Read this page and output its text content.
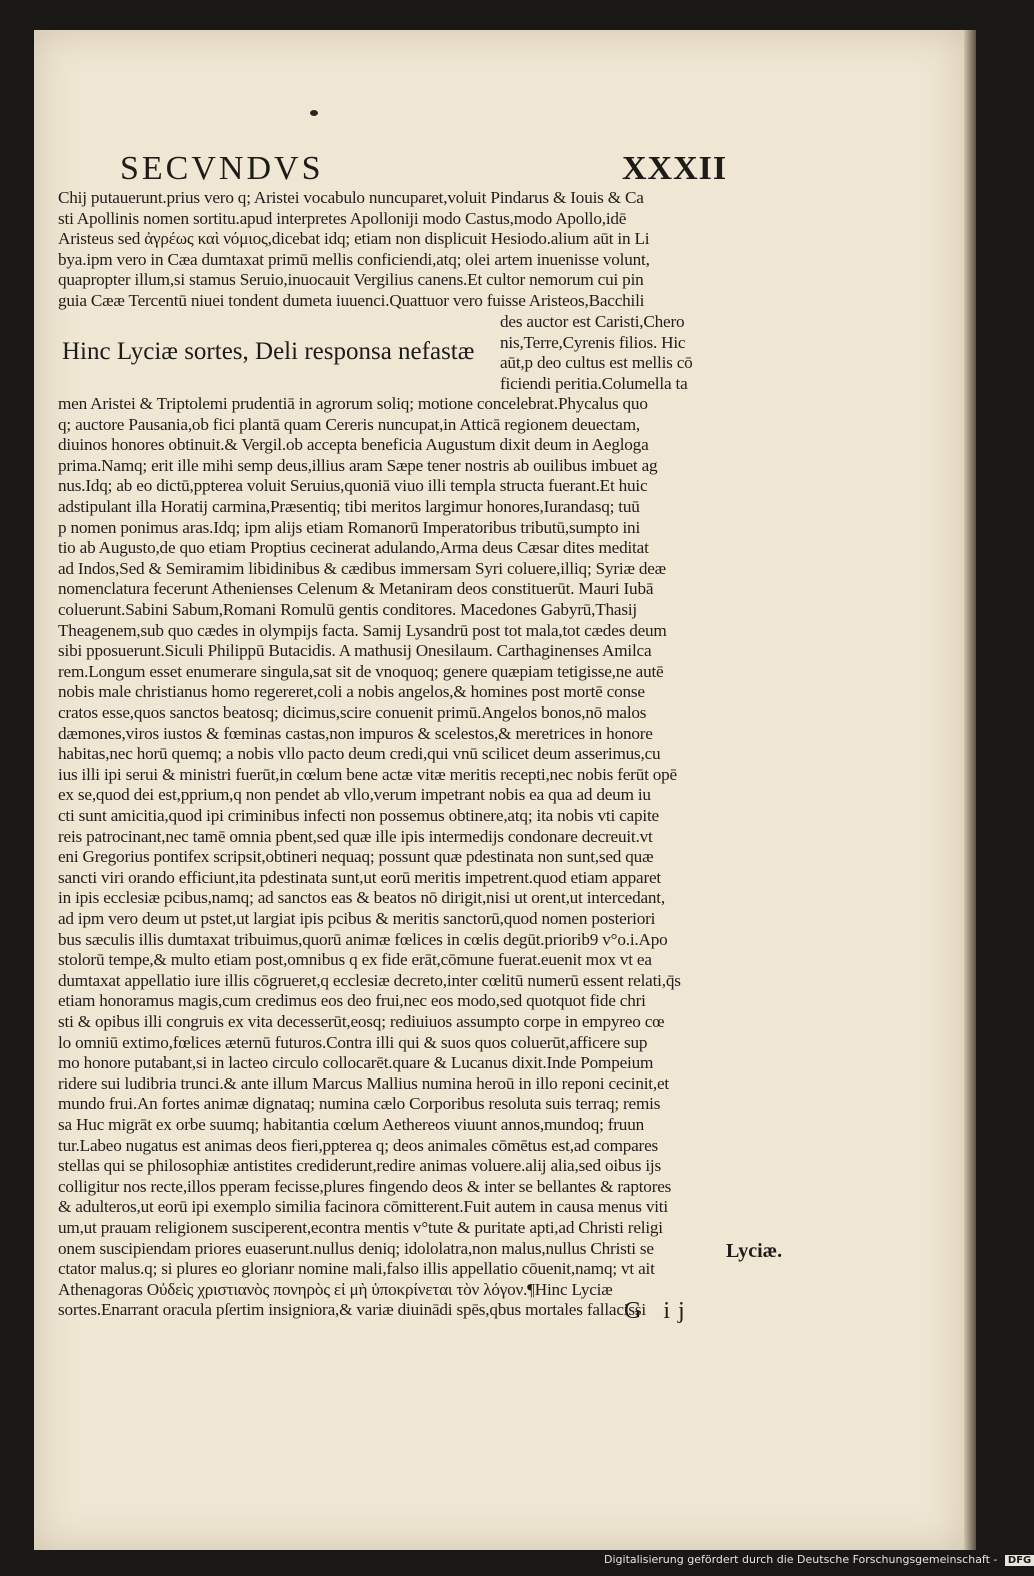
SECVNDVS	XXXII
Chij putauerunt.prius vero q; Aristei vocabulo nuncuparet,voluit Pindarus & Iouis & Ca
sti Apollinis nomen sortitu.apud interpretes Apolloniji modo Castus,modo Apollo,idē
Aristeus sed ἀγρέως καὶ νόμιος,dicebat idq; etiam non displicuit Hesiodo.alium aūt in Li
bya.ipm vero in Cæa dumtaxat primū mellis conficiendi,atq; olei artem inuenisse volunt,
quapropter illum,si stamus Seruio,inuocauit Vergilius canens.Et cultor nemorum cui pin
guia Cææ Tercentū niuei tondent dumeta iuuenci.Quattuor vero fuisse Aristeos,Bacchili
Hinc Lyciæ sortes, Deli responsa nefastæ
des auctor est Caristi,Chero
nis,Terre,Cyrenis filios. Hic
aūt,p deo cultus est mellis cō
ficiendi peritia.Columella ta
men Aristei & Triptolemi prudentiā in agrorum soliq; motione concelebrat.Phycalus quo
q; auctore Pausania,ob fici plantā quam Cereris nuncupat,in Atticā regionem deuectam,
diuinos honores obtinuit.& Vergil.ob accepta beneficia Augustum dixit deum in Aegloga
prima.Namq; erit ille mihi semp deus,illius aram Sæpe tener nostris ab ouilibus imbuet ag
nus.Idq; ab eo dictū,ppterea voluit Seruius,quoniā viuo illi templa structa fuerant.Et huic
adstipulant illa Horatij carmina,Præsentiq; tibi meritos largimur honores,Iurandasq; tuū
p nomen ponimus aras.Idq; ipm alijs etiam Romanorū Imperatoribus tributū,sumpto ini
tio ab Augusto,de quo etiam Proptius cecinerat adulando,Arma deus Cæsar dites meditat
ad Indos,Sed & Semiramim libidinibus & cædibus immersam Syri coluere,illiq; Syriæ deæ
nomenclatura fecerunt Athenienses Celenum & Metaniram deos constituerūt. Mauri Iubā
coluerunt.Sabini Sabum,Romani Romulū gentis conditores. Macedones Gabyrū,Thasij
Theagenem,sub quo cædes in olympijs facta. Samij Lysandrū post tot mala,tot cædes deum
sibi pposuerunt.Siculi Philippū Butacidis. A mathusij Onesilaum. Carthaginenses Amilca
rem.Longum esset enumerare singula,sat sit de vnoquoq; genere quæpiam tetigisse,ne autē
nobis male christianus homo regereret,coli a nobis angelos,& homines post mortē conse
cratos esse,quos sanctos beatosq; dicimus,scire conuenit primū.Angelos bonos,nō malos
dæmones,viros iustos & fœminas castas,non impuros & scelestos,& meretrices in honore
habitas,nec horū quemq; a nobis vllo pacto deum credi,qui vnū scilicet deum asserimus,cu
ius illi ipi serui & ministri fuerūt,in cœlum bene actæ vitæ meritis recepti,nec nobis ferūt opē
ex se,quod dei est,pprium,q non pendet ab vllo,verum impetrant nobis ea qua ad deum iu
cti sunt amicitia,quod ipi criminibus infecti non possemus obtinere,atq; ita nobis vti capite
reis patrocinant,nec tamē omnia pbent,sed quæ ille ipis intermedijs condonare decreuit.vt
eni Gregorius pontifex scripsit,obtineri nequaq; possunt quæ pdestinata non sunt,sed quæ
sancti viri orando efficiunt,ita pdestinata sunt,ut eorū meritis impetrent.quod etiam apparet
in ipis ecclesiæ pcibus,namq; ad sanctos eas & beatos nō dirigit,nisi ut orent,ut intercedant,
ad ipm vero deum ut pstet,ut largiat ipis pcibus & meritis sanctorū,quod nomen posteriori
bus sæculis illis dumtaxat tribuimus,quorū animæ fœlices in cœlis degūt.priorib9 v°o.i.Apo
stolorū tempe,& multo etiam post,omnibus q ex fide erāt,cōmune fuerat.euenit mox vt ea
dumtaxat appellatio iure illis cōgrueret,q ecclesiæ decreto,inter cœlitū numerū essent relati,q̄s
etiam honoramus magis,cum credimus eos deo frui,nec eos modo,sed quotquot fide chri
sti & opibus illi congruis ex vita decesserūt,eosq; rediuiuos assumpto corpe in empyreo cœ
lo omniū extimo,fœlices æternū futuros.Contra illi qui & suos quos coluerūt,afficere sup
mo honore putabant,si in lacteo circulo collocarēt.quare & Lucanus dixit.Inde Pompeium
ridere sui ludibria trunci.& ante illum Marcus Mallius numina heroū in illo reponi cecinit,et
mundo frui.An fortes animæ dignataq; numina cælo Corporibus resoluta suis terraq; remis
sa Huc migrāt ex orbe suumq; habitantia cœlum Aethereos viuunt annos,mundoq; fruun
tur.Labeo nugatus est animas deos fieri,ppterea q; deos animales cōmētus est,ad compares
stellas qui se philosophiæ antistites crediderunt,redire animas voluere.alij alia,sed oibus ijs
colligitur nos recte,illos pperam fecisse,plures fingendo deos & inter se bellantes & raptores
& adulteros,ut eorū ipi exemplo similia facinora cōmitterent.Fuit autem in causa menus viti
um,ut prauam religionem susciperent,econtra mentis v°tute & puritate apti,ad Christi religi
onem suscipiendam priores euaserunt.nullus deniq; idololatra,non malus,nullus Christi se
ctator malus.q; si plures eo glorianr nomine mali,falso illis appellatio cōuenit,namq; vt ait
Athenagoras Οὐδεὶς χριστιανὸς πονηρὸς εἰ μὴ ὑποκρίνεται τὸν λόγον.¶Hinc Lyciæ
sortes.Enarrant oracula pſertim insigniora,& variæ diuinādi spēs,qbus mortales fallacissi
Lyciæ.
G ij
Digitalisierung gefördert durch die Deutsche Forschungsgemeinschaft - DFG
